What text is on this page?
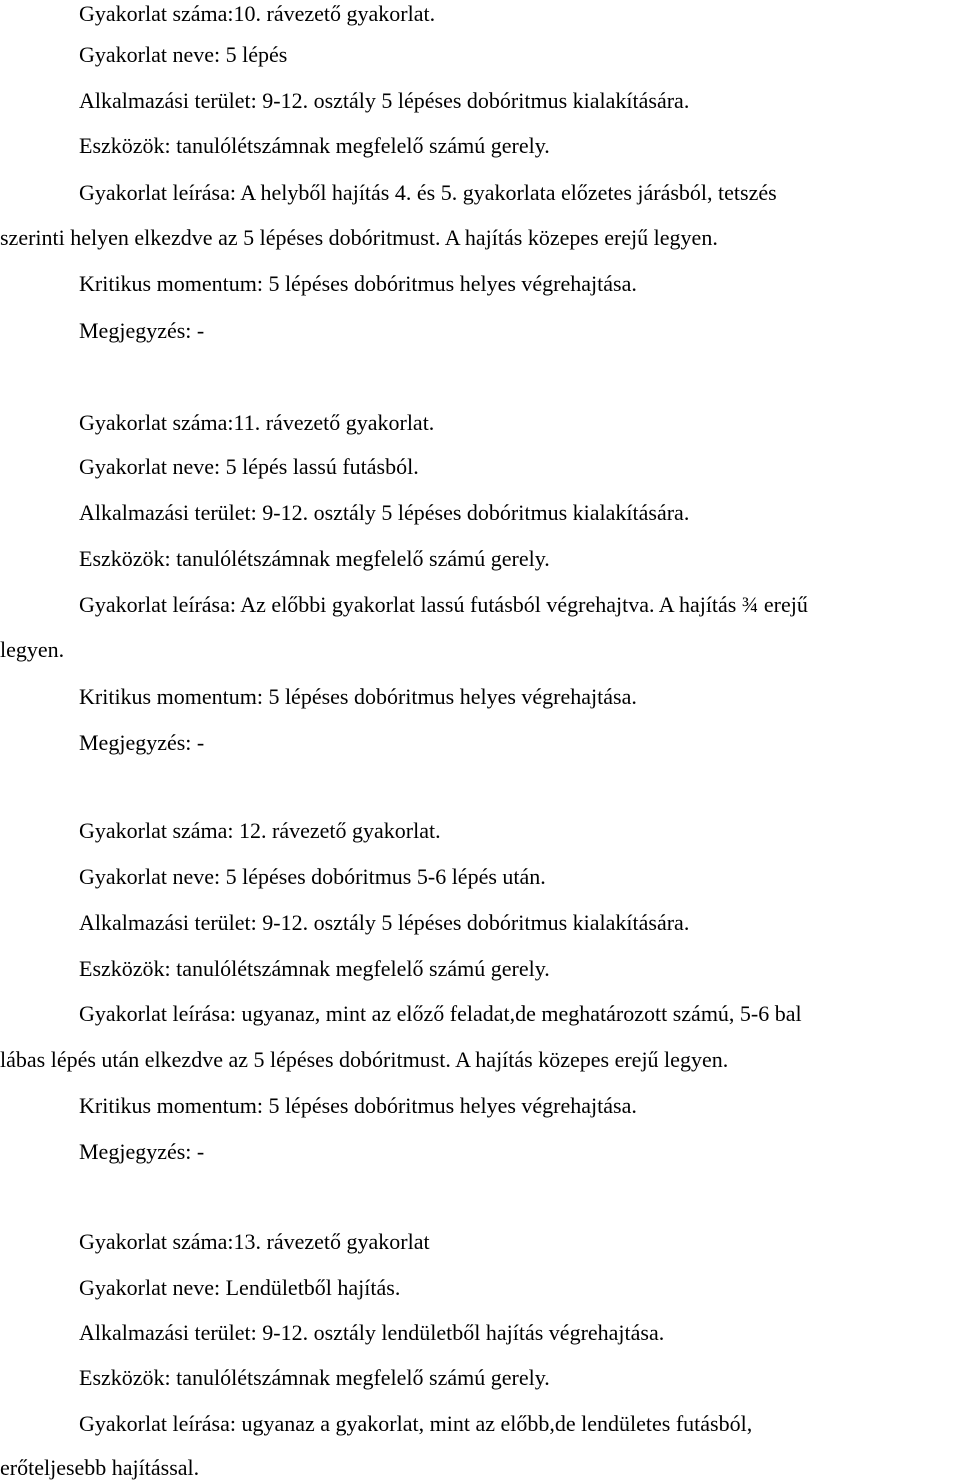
Gyakorlat száma:10. rávezető gyakorlat.
Gyakorlat neve: 5 lépés
Alkalmazási terület: 9-12. osztály 5 lépéses dobóritmus kialakítására.
Eszközök: tanulólétszámnak megfelelő számú gerely.
Gyakorlat leírása: A helyből hajítás 4. és 5. gyakorlata előzetes járásból, tetszés
szerinti helyen elkezdve az 5 lépéses dobóritmust. A hajítás közepes erejű legyen.
Kritikus momentum: 5 lépéses dobóritmus helyes végrehajtása.
Megjegyzés: -
Gyakorlat száma:11. rávezető gyakorlat.
Gyakorlat neve: 5 lépés lassú futásból.
Alkalmazási terület: 9-12. osztály 5 lépéses dobóritmus kialakítására.
Eszközök: tanulólétszámnak megfelelő számú gerely.
Gyakorlat leírása: Az előbbi gyakorlat lassú futásból végrehajtva. A hajítás ¾ erejű
legyen.
Kritikus momentum: 5 lépéses dobóritmus helyes végrehajtása.
Megjegyzés: -
Gyakorlat száma: 12. rávezető gyakorlat.
Gyakorlat neve: 5 lépéses dobóritmus 5-6 lépés után.
Alkalmazási terület: 9-12. osztály 5 lépéses dobóritmus kialakítására.
Eszközök: tanulólétszámnak megfelelő számú gerely.
Gyakorlat leírása: ugyanaz, mint az előző feladat,de meghatározott számú, 5-6 bal
lábas lépés után elkezdve az 5 lépéses dobóritmust. A hajítás közepes erejű legyen.
Kritikus momentum: 5 lépéses dobóritmus helyes végrehajtása.
Megjegyzés: -
Gyakorlat száma:13. rávezető gyakorlat
Gyakorlat neve: Lendületből hajítás.
Alkalmazási terület: 9-12. osztály lendületből hajítás végrehajtása.
Eszközök: tanulólétszámnak megfelelő számú gerely.
Gyakorlat leírása: ugyanaz a gyakorlat, mint az előbb,de lendületes futásból,
erőteljesebb hajítással.
